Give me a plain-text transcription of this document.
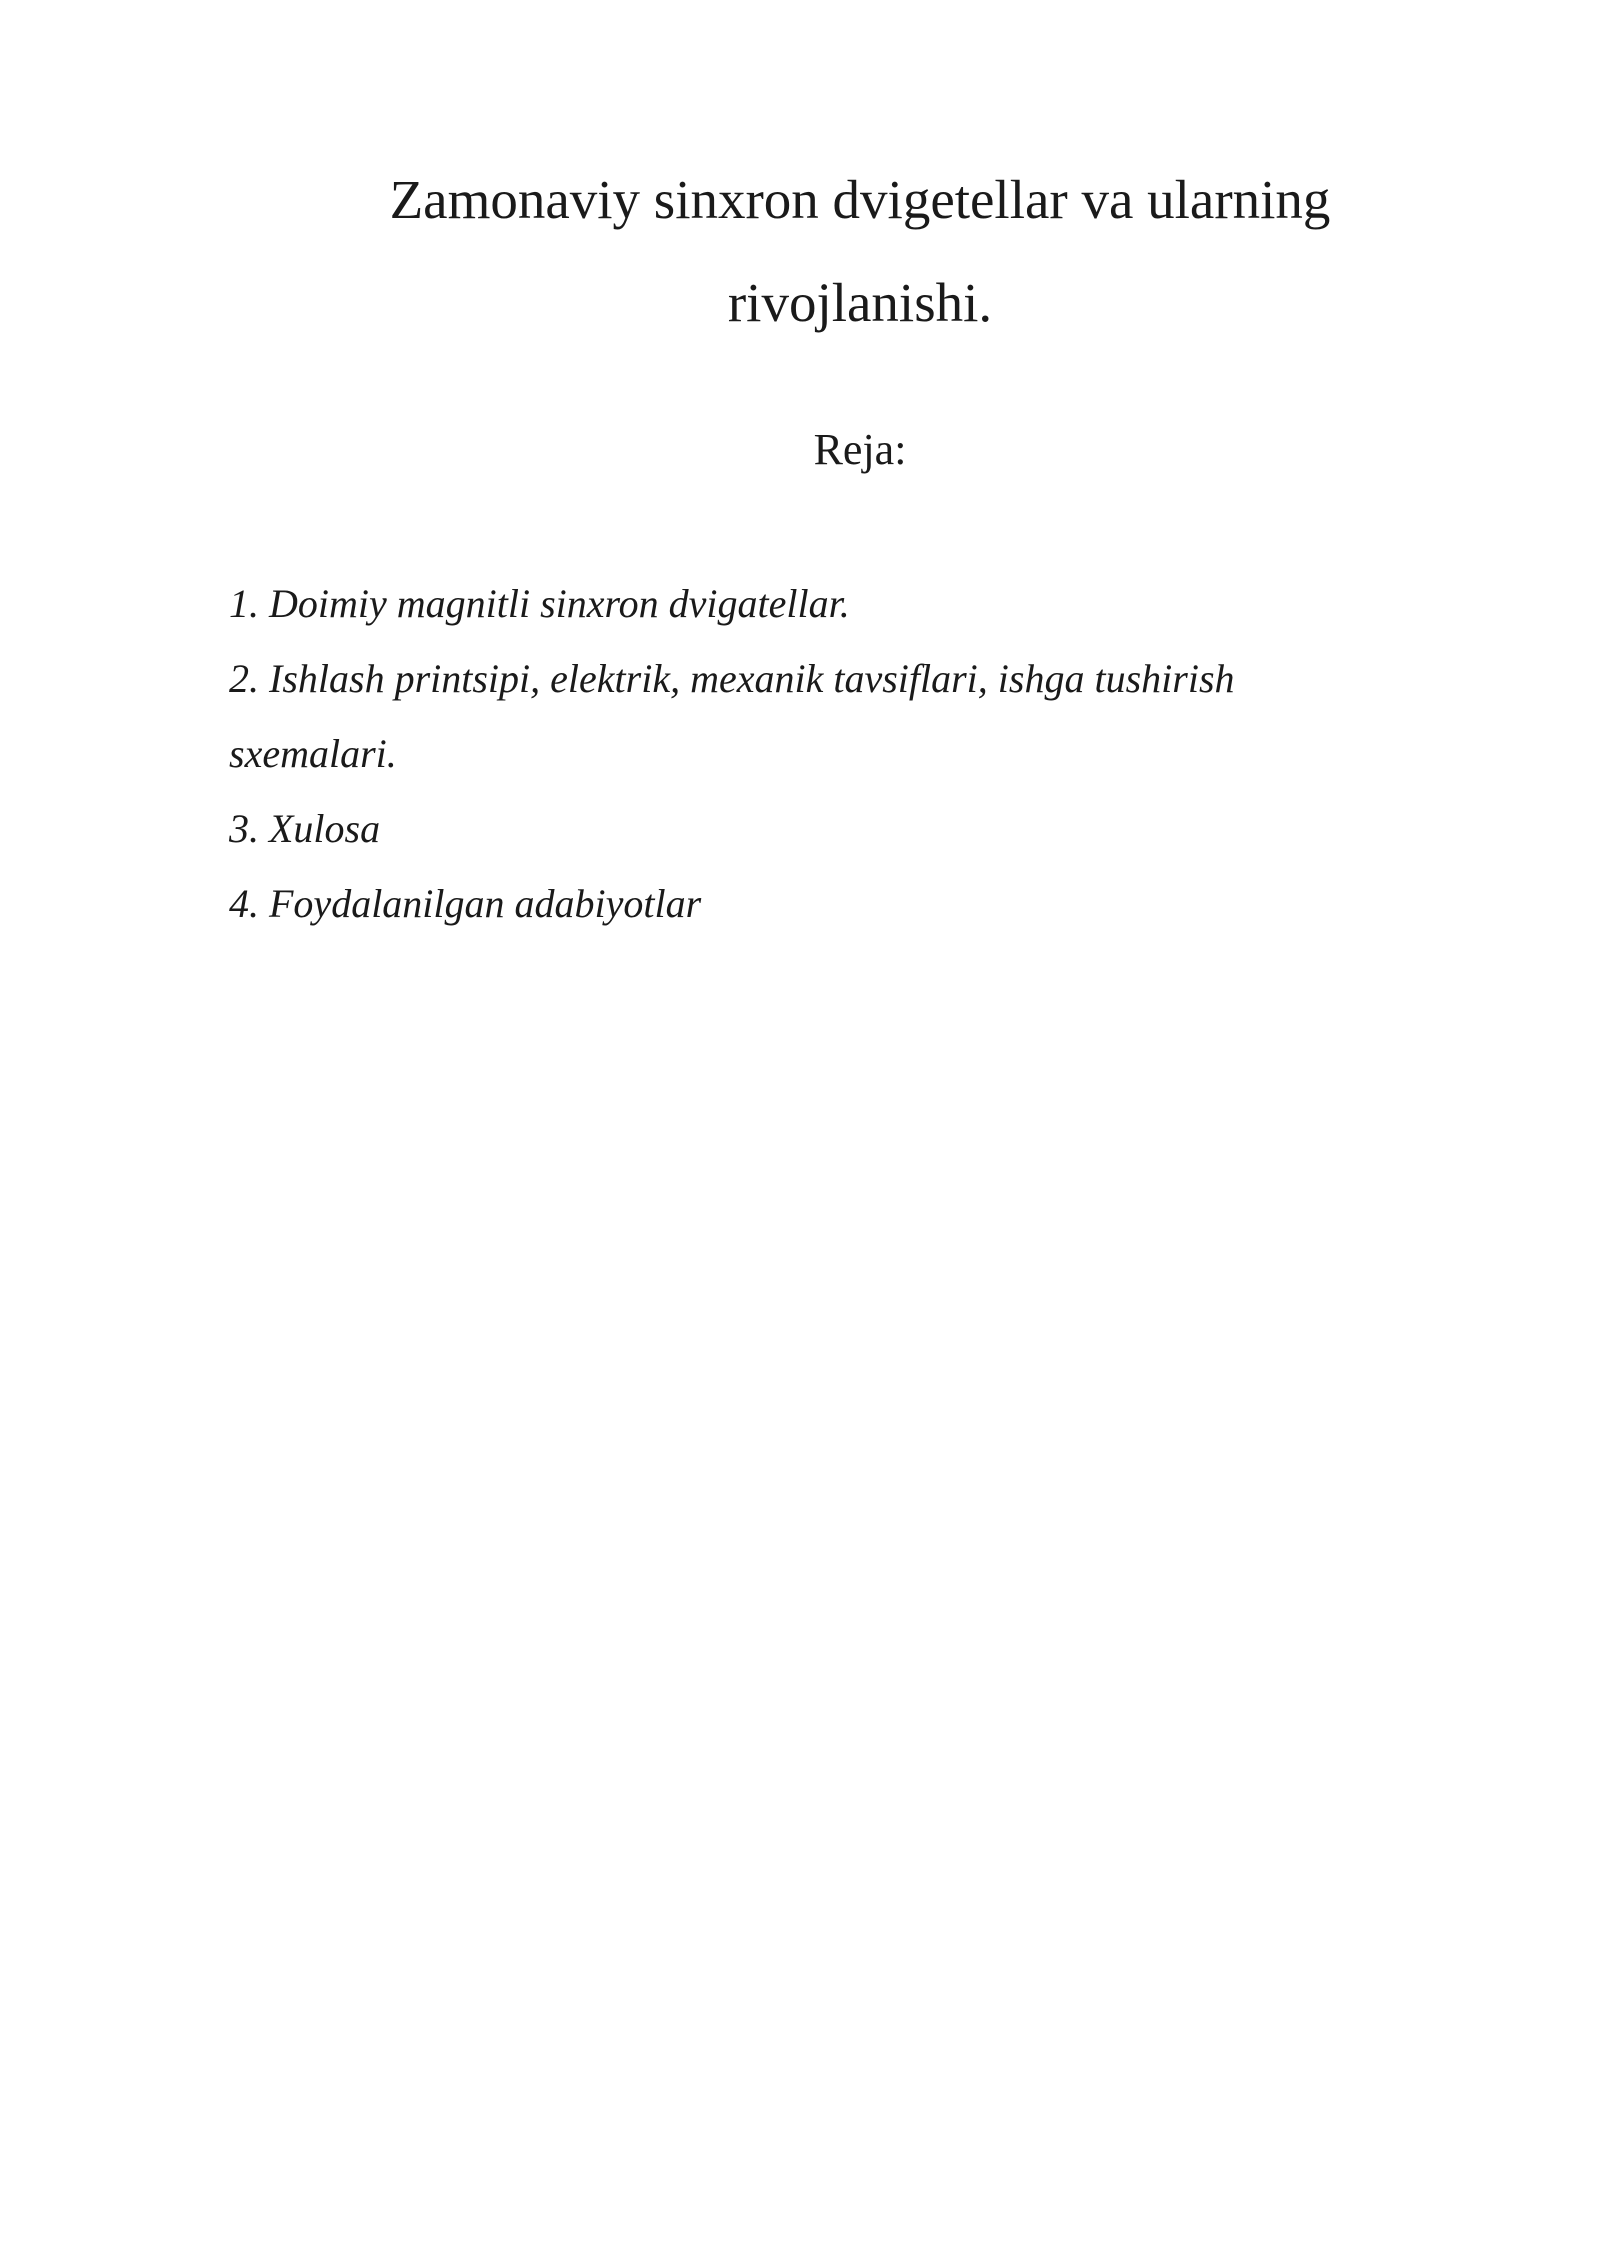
Zamonaviy sinxron dvigetellar va ularning
rivojlanishi.
Reja:
1. Doimiy magnitli sinxron dvigatellar.
2. Ishlash printsipi, elektrik, mexanik tavsiflari, ishga tushirish
sxemalari.
3. Xulosa
4. Foydalanilgan adabiyotlar
